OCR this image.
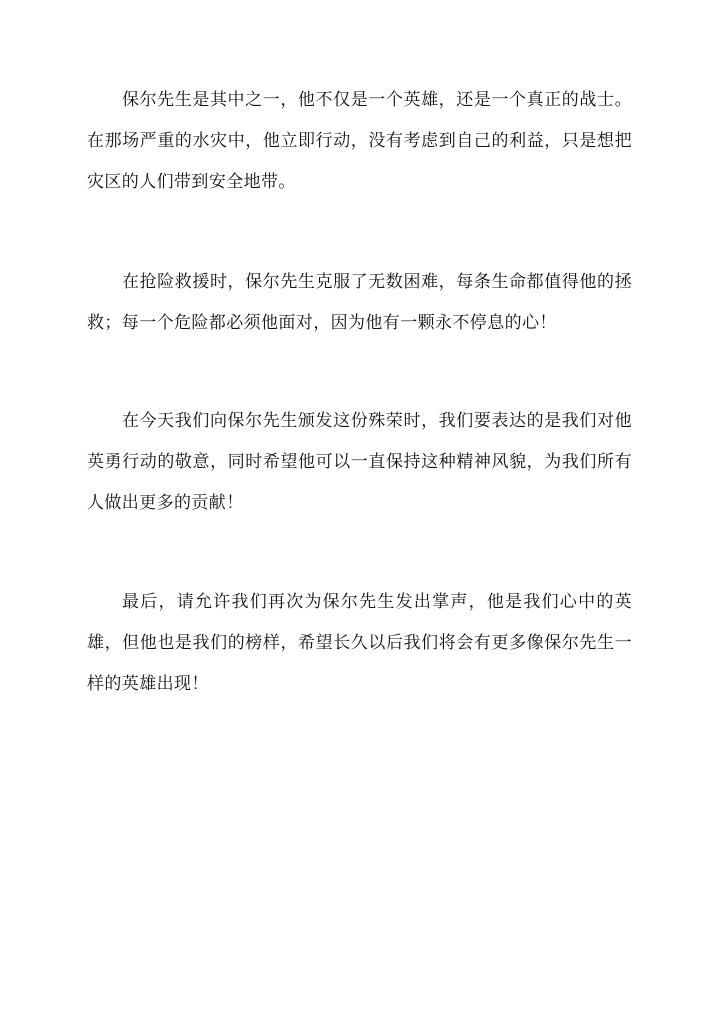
保尔先生是其中之一，他不仅是一个英雄，还是一个真正的战士。在那场严重的水灾中，他立即行动，没有考虑到自己的利益，只是想把灾区的人们带到安全地带。

在抢险救援时，保尔先生克服了无数困难，每条生命都值得他的拯救；每一个危险都必须他面对，因为他有一颗永不停息的心！

在今天我们向保尔先生颁发这份殊荣时，我们要表达的是我们对他英勇行动的敬意，同时希望他可以一直保持这种精神风貌，为我们所有人做出更多的贡献！

最后，请允许我们再次为保尔先生发出掌声，他是我们心中的英雄，但他也是我们的榜样，希望长久以后我们将会有更多像保尔先生一样的英雄出现！
